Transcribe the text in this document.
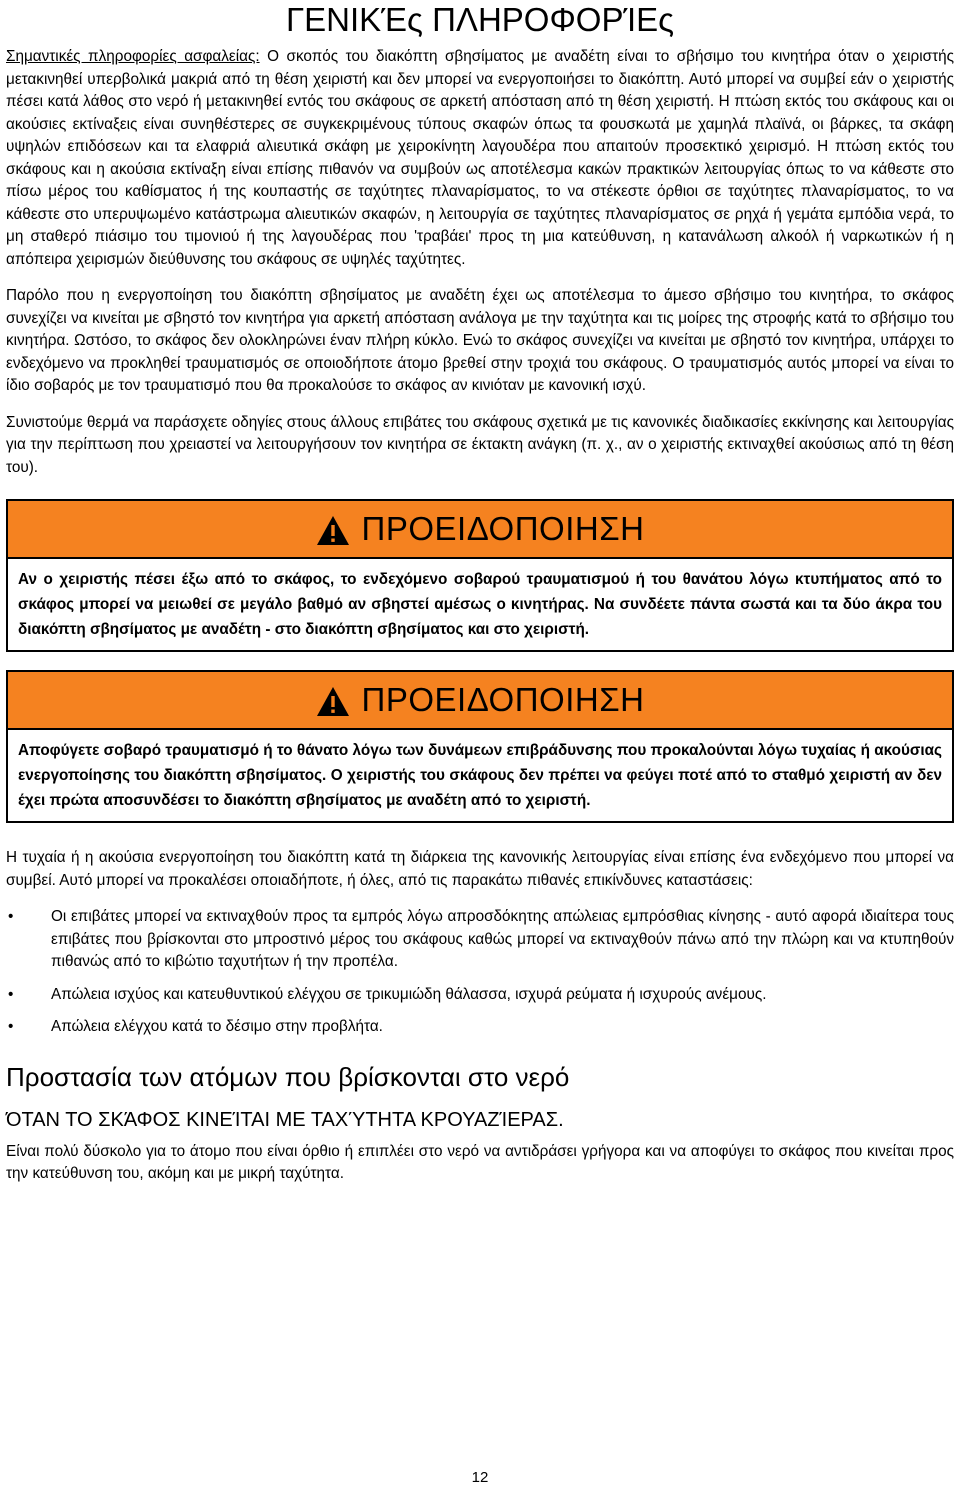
ΓΕΝΙΚΈς ΠΛΗΡΟΦΟΡΊΕς

Σημαντικές πληροφορίες ασφαλείας: Ο σκοπός του διακόπτη σβησίματος με αναδέτη είναι το σβήσιμο του κινητήρα όταν ο χειριστής μετακινηθεί υπερβολικά μακριά από τη θέση χειριστή και δεν μπορεί να ενεργοποιήσει το διακόπτη. Αυτό μπορεί να συμβεί εάν ο χειριστής πέσει κατά λάθος στο νερό ή μετακινηθεί εντός του σκάφους σε αρκετή απόσταση από τη θέση χειριστή. Η πτώση εκτός του σκάφους και οι ακούσιες εκτίναξεις είναι συνηθέστερες σε συγκεκριμένους τύπους σκαφών όπως τα φουσκωτά με χαμηλά πλαϊνά, οι βάρκες, τα σκάφη υψηλών επιδόσεων και τα ελαφριά αλιευτικά σκάφη με χειροκίνητη λαγουδέρα που απαιτούν προσεκτικό χειρισμό. Η πτώση εκτός του σκάφους και η ακούσια εκτίναξη είναι επίσης πιθανόν να συμβούν ως αποτέλεσμα κακών πρακτικών λειτουργίας όπως το να κάθεστε στο πίσω μέρος του καθίσματος ή της κουπαστής σε ταχύτητες πλαναρίσματος, το να στέκεστε όρθιοι σε ταχύτητες πλαναρίσματος, το να κάθεστε στο υπερυψωμένο κατάστρωμα αλιευτικών σκαφών, η λειτουργία σε ταχύτητες πλαναρίσματος σε ρηχά ή γεμάτα εμπόδια νερά, το μη σταθερό πιάσιμο του τιμονιού ή της λαγουδέρας που 'τραβάει' προς τη μια κατεύθυνση, η κατανάλωση αλκοόλ ή ναρκωτικών ή η απόπειρα χειρισμών διεύθυνσης του σκάφους σε υψηλές ταχύτητες.

Παρόλο που η ενεργοποίηση του διακόπτη σβησίματος με αναδέτη έχει ως αποτέλεσμα το άμεσο σβήσιμο του κινητήρα, το σκάφος συνεχίζει να κινείται με σβηστό τον κινητήρα για αρκετή απόσταση ανάλογα με την ταχύτητα και τις μοίρες της στροφής κατά το σβήσιμο του κινητήρα. Ωστόσο, το σκάφος δεν ολοκληρώνει έναν πλήρη κύκλο. Ενώ το σκάφος συνεχίζει να κινείται με σβηστό τον κινητήρα, υπάρχει το ενδεχόμενο να προκληθεί τραυματισμός σε οποιοδήποτε άτομο βρεθεί στην τροχιά του σκάφους. Ο τραυματισμός αυτός μπορεί να είναι το ίδιο σοβαρός με τον τραυματισμό που θα προκαλούσε το σκάφος αν κινιόταν με κανονική ισχύ.

Συνιστούμε θερμά να παράσχετε οδηγίες στους άλλους επιβάτες του σκάφους σχετικά με τις κανονικές διαδικασίες εκκίνησης και λειτουργίας για την περίπτωση που χρειαστεί να λειτουργήσουν τον κινητήρα σε έκτακτη ανάγκη (π. χ., αν ο χειριστής εκτιναχθεί ακούσιως από τη θέση του).

ΠΡΟΕΙΔΟΠΟΙΗΣΗ
Αν ο χειριστής πέσει έξω από το σκάφος, το ενδεχόμενο σοβαρού τραυματισμού ή του θανάτου λόγω κτυπήματος από το σκάφος μπορεί να μειωθεί σε μεγάλο βαθμό αν σβηστεί αμέσως ο κινητήρας. Να συνδέετε πάντα σωστά και τα δύο άκρα του διακόπτη σβησίματος με αναδέτη - στο διακόπτη σβησίματος και στο χειριστή.
ΠΡΟΕΙΔΟΠΟΙΗΣΗ
Αποφύγετε σοβαρό τραυματισμό ή το θάνατο λόγω των δυνάμεων επιβράδυνσης που προκαλούνται λόγω τυχαίας ή ακούσιας ενεργοποίησης του διακόπτη σβησίματος. Ο χειριστής του σκάφους δεν πρέπει να φεύγει ποτέ από το σταθμό χειριστή αν δεν έχει πρώτα αποσυνδέσει το διακόπτη σβησίματος με αναδέτη από το χειριστή.

Η τυχαία ή η ακούσια ενεργοποίηση του διακόπτη κατά τη διάρκεια της κανονικής λειτουργίας είναι επίσης ένα ενδεχόμενο που μπορεί να συμβεί. Αυτό μπορεί να προκαλέσει οποιαδήποτε, ή όλες, από τις παρακάτω πιθανές επικίνδυνες καταστάσεις:

• Οι επιβάτες μπορεί να εκτιναχθούν προς τα εμπρός λόγω απροσδόκητης απώλειας εμπρόσθιας κίνησης - αυτό αφορά ιδιαίτερα τους επιβάτες που βρίσκονται στο μπροστινό μέρος του σκάφους καθώς μπορεί να εκτιναχθούν πάνω από την πλώρη και να κτυπηθούν πιθανώς από το κιβώτιο ταχυτήτων ή την προπέλα.
• Απώλεια ισχύος και κατευθυντικού ελέγχου σε τρικυμιώδη θάλασσα, ισχυρά ρεύματα ή ισχυρούς ανέμους.
• Απώλεια ελέγχου κατά το δέσιμο στην προβλήτα.
Προστασία των ατόμων που βρίσκονται στο νερό
ΌΤΑΝ ΤΟ ΣΚΆΦΟΣ ΚΙΝΕΊΤΑΙ ΜΕ ΤΑΧΎΤΗΤΑ ΚΡΟΥΑΖΊΕΡΑΣ.

Είναι πολύ δύσκολο για το άτομο που είναι όρθιο ή επιπλέει στο νερό να αντιδράσει γρήγορα και να αποφύγει το σκάφος που κινείται προς την κατεύθυνση του, ακόμη και με μικρή ταχύτητα.

12
